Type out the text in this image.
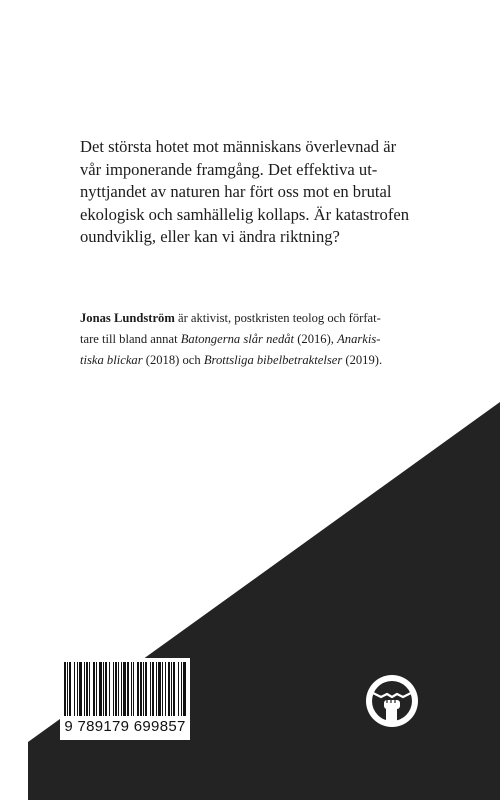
Det största hotet mot människans överlevnad är
vår imponerande framgång. Det effektiva ut-
nyttjandet av naturen har fört oss mot en brutal
ekologisk och samhällelig kollaps. Är katastrofen
oundviklig, eller kan vi ändra riktning?

Jonas Lundström är aktivist, postkristen teolog och förfat-
tare till bland annat Batongerna slår nedåt (2016), Anarkis-
tiska blickar (2018) och Brottsliga bibelbetraktelser (2019).

9 789179 699857
